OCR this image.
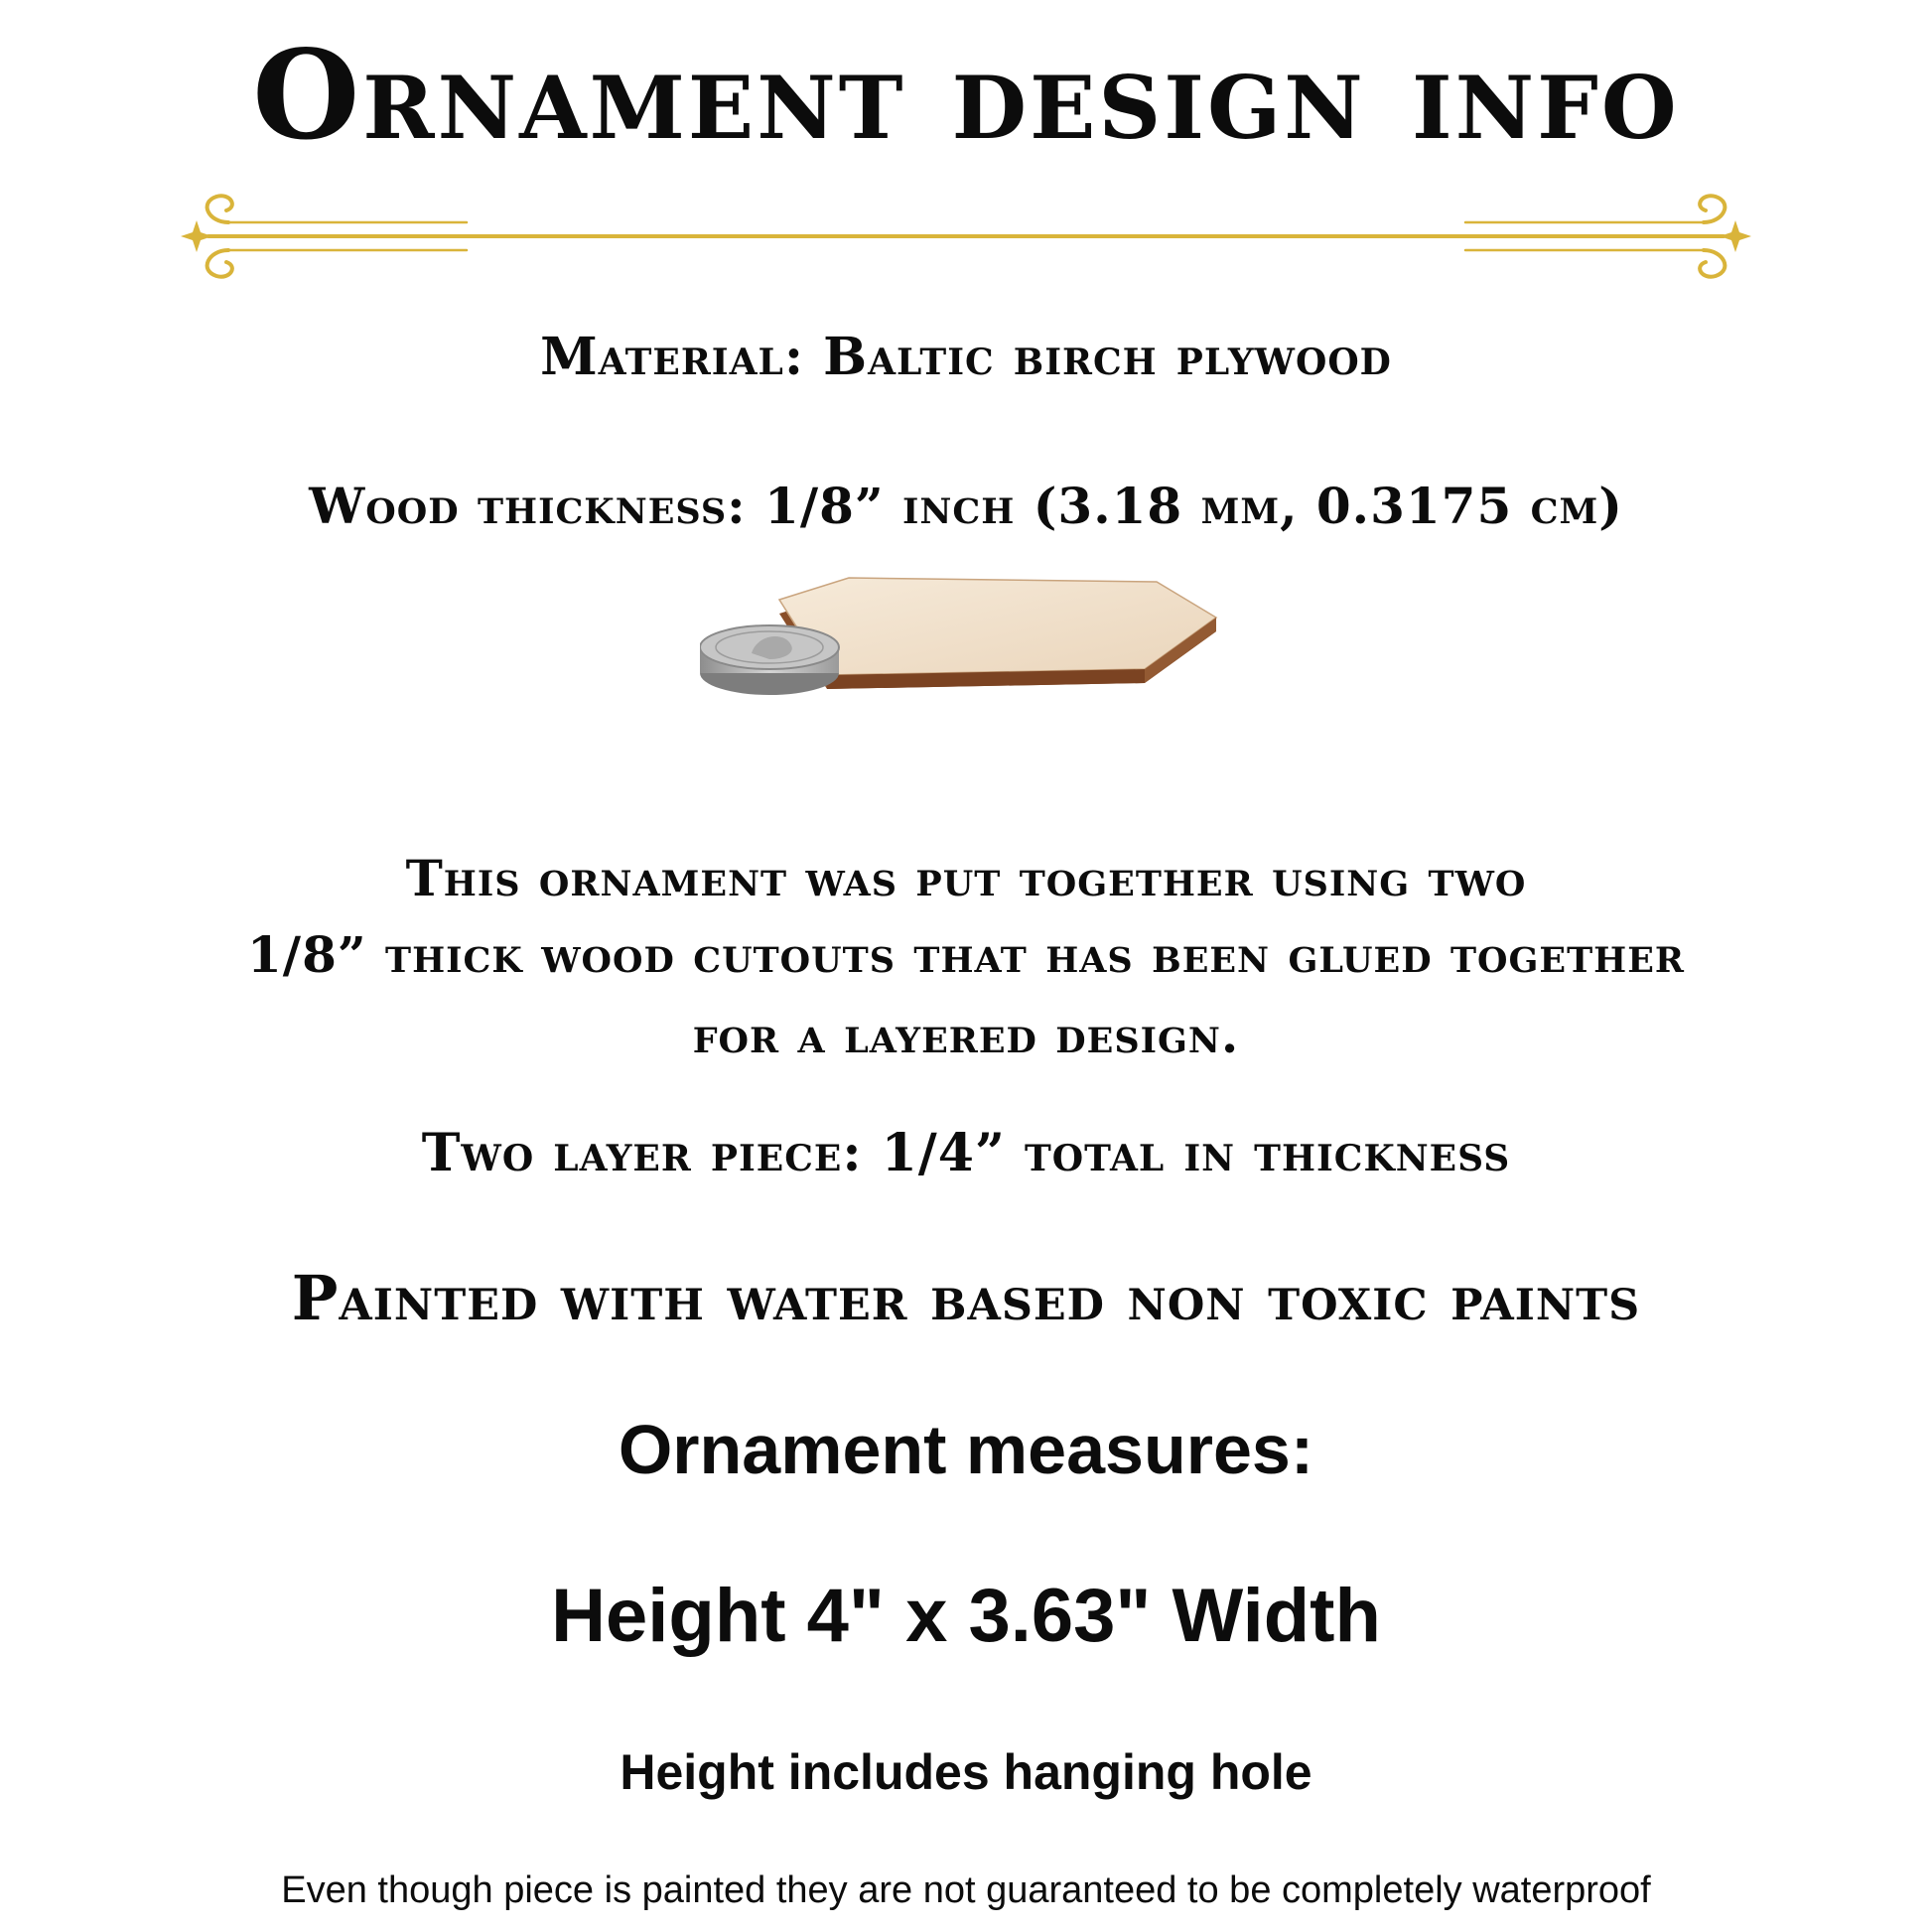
Ornament design info
Material: Baltic birch plywood
Wood thickness: 1/8” inch (3.18 mm, 0.3175 cm)
This ornament was put together using two
1/8” thick wood cutouts that has been glued together
for a layered design.
Two layer piece: 1/4” total in thickness
Painted with water based non toxic paints
Ornament measures:
Height 4" x 3.63" Width
Height includes hanging hole
Even though piece is painted they are not guaranteed to be completely waterproof
